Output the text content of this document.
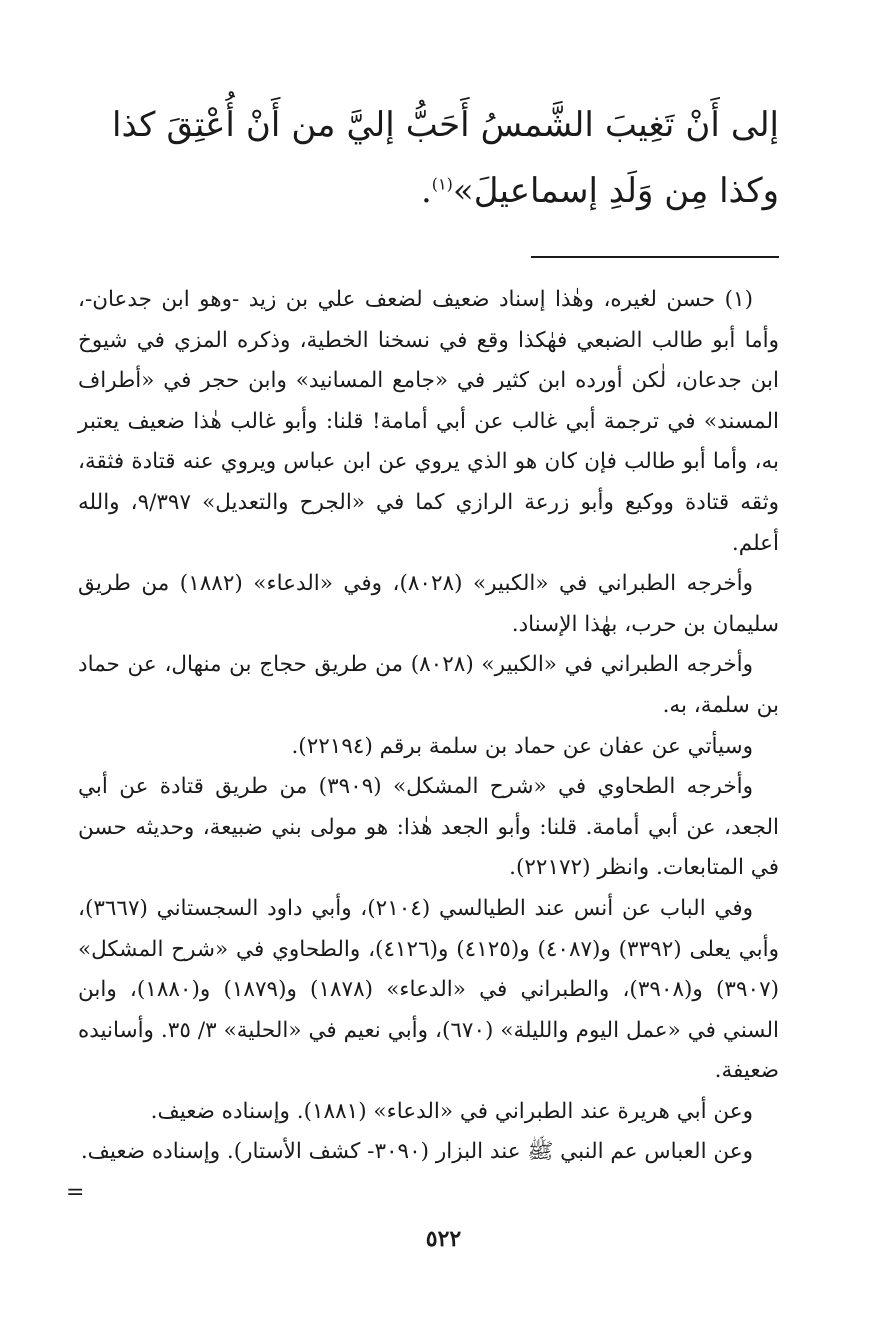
إلى أَنْ تَغِيبَ الشَّمسُ أَحَبُّ إليَّ من أَنْ أُعْتِقَ كذا وكذا مِن وَلَدِ إسماعيلَ»$^{(١)}$.

(١) حسن لغيره، وهٰذا إسناد ضعيف لضعف علي بن زيد -وهو ابن جدعان-، وأما أبو طالب الضبعي فهٰكذا وقع في نسخنا الخطية، وذكره المزي في شيوخ ابن جدعان، لٰكن أورده ابن كثير في «جامع المسانيد» وابن حجر في «أطراف المسند» في ترجمة أبي غالب عن أبي أمامة! قلنا: وأبو غالب هٰذا ضعيف يعتبر به، وأما أبو طالب فإن كان هو الذي يروي عن ابن عباس ويروي عنه قتادة فثقة، وثقه قتادة ووكيع وأبو زرعة الرازي كما في «الجرح والتعديل» ٩/٣٩٧، والله أعلم.

وأخرجه الطبراني في «الكبير» (٨٠٢٨)، وفي «الدعاء» (١٨٨٢) من طريق سليمان بن حرب، بهٰذا الإسناد.

وأخرجه الطبراني في «الكبير» (٨٠٢٨) من طريق حجاج بن منهال، عن حماد بن سلمة، به.

وسيأتي عن عفان عن حماد بن سلمة برقم (٢٢١٩٤).

وأخرجه الطحاوي في «شرح المشكل» (٣٩٠٩) من طريق قتادة عن أبي الجعد، عن أبي أمامة. قلنا: وأبو الجعد هٰذا: هو مولى بني ضبيعة، وحديثه حسن في المتابعات. وانظر (٢٢١٧٢).

وفي الباب عن أنس عند الطيالسي (٢١٠٤)، وأبي داود السجستاني (٣٦٦٧)، وأبي يعلى (٣٣٩٢) و(٤٠٨٧) و(٤١٢٥) و(٤١٢٦)، والطحاوي في «شرح المشكل» (٣٩٠٧) و(٣٩٠٨)، والطبراني في «الدعاء» (١٨٧٨) و(١٨٧٩) و(١٨٨٠)، وابن السني في «عمل اليوم والليلة» (٦٧٠)، وأبي نعيم في «الحلية» ٣/ ٣٥. وأسانيده ضعيفة.

وعن أبي هريرة عند الطبراني في «الدعاء» (١٨٨١). وإسناده ضعيف.

وعن العباس عم النبي ﷺ عند البزار (٣٠٩٠- كشف الأستار). وإسناده ضعيف.

=
٥٢٢
